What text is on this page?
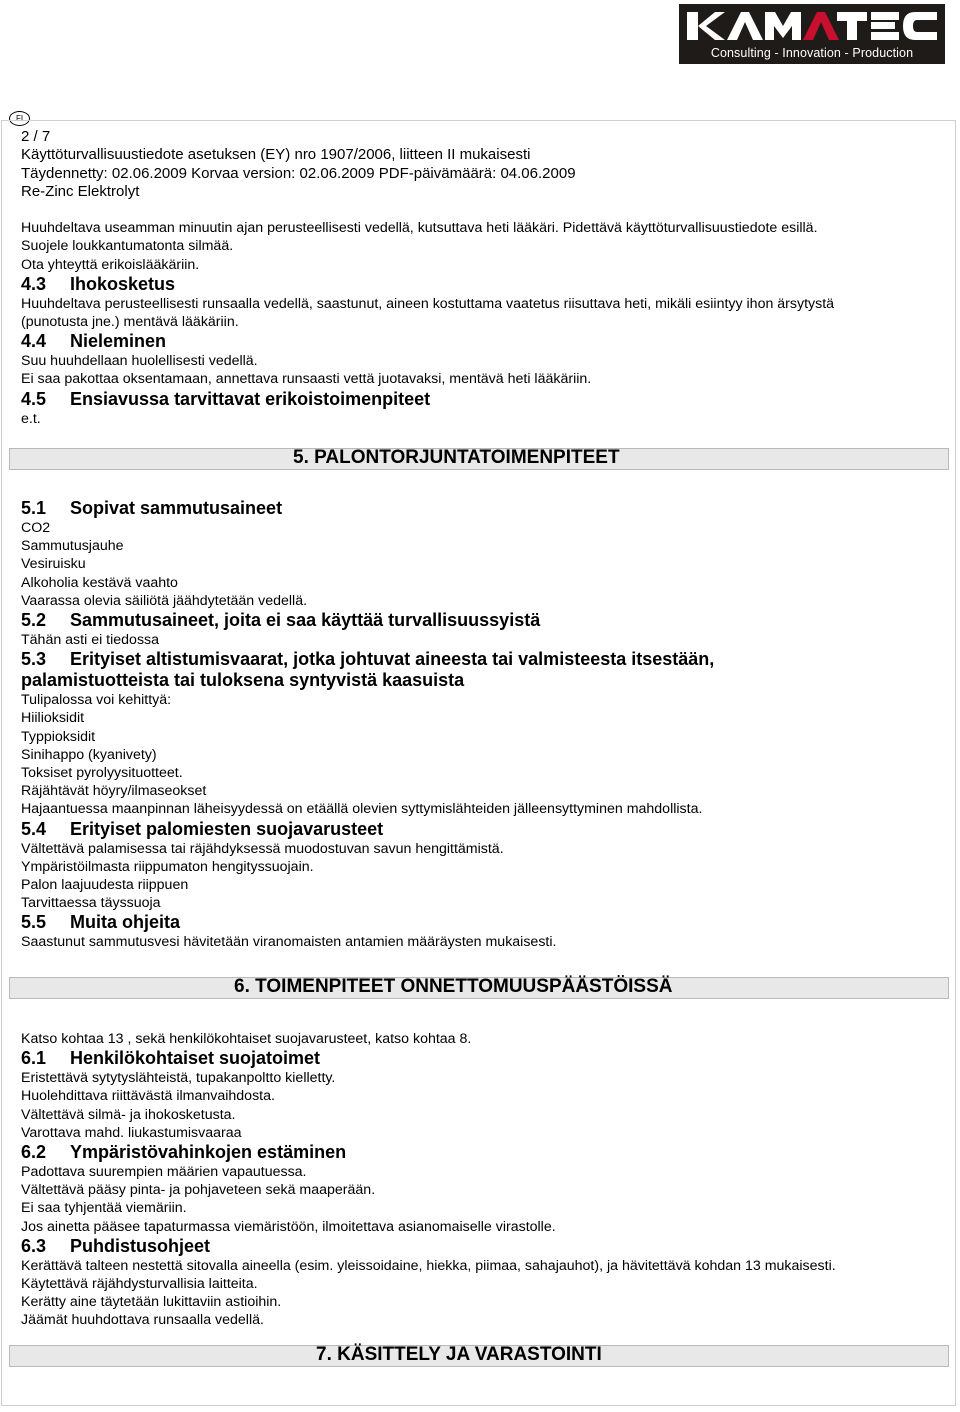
Consulting - Innovation - Production
FI

2 / 7

Käyttöturvallisuustiedote asetuksen (EY) nro 1907/2006, liitteen II mukaisesti

Täydennetty: 02.06.2009 Korvaa version: 02.06.2009 PDF-päivämäärä: 04.06.2009

Re-Zinc Elektrolyt

Huuhdeltava useamman minuutin ajan perusteellisesti vedellä, kutsuttava heti lääkäri. Pidettävä käyttöturvallisuustiedote esillä.

Suojele loukkantumatonta silmää.

Ota yhteyttä erikoislääkäriin.

4.3 Ihokosketus

Huuhdeltava perusteellisesti runsaalla vedellä, saastunut, aineen kostuttama vaatetus riisuttava heti, mikäli esiintyy ihon ärsytystä

(punotusta jne.) mentävä lääkäriin.

4.4 Nieleminen

Suu huuhdellaan huolellisesti vedellä.

Ei saa pakottaa oksentamaan, annettava runsaasti vettä juotavaksi, mentävä heti lääkäriin.

4.5 Ensiavussa tarvittavat erikoistoimenpiteet

e.t.

5. PALONTORJUNTATOIMENPITEET
5.1 Sopivat sammutusaineet

CO2

Sammutusjauhe

Vesiruisku

Alkoholia kestävä vaahto

Vaarassa olevia säiliötä jäähdytetään vedellä.

5.2 Sammutusaineet, joita ei saa käyttää turvallisuussyistä

Tähän asti ei tiedossa

5.3 Erityiset altistumisvaarat, jotka johtuvat aineesta tai valmisteesta itsestään,
palamistuotteista tai tuloksena syntyvistä kaasuista

Tulipalossa voi kehittyä:

Hiilioksidit

Typpioksidit

Sinihappo (kyanivety)

Toksiset pyrolyysituotteet.

Räjähtävät höyry/ilmaseokset

Hajaantuessa maanpinnan läheisyydessä on etäällä olevien syttymislähteiden jälleensyttyminen mahdollista.

5.4 Erityiset palomiesten suojavarusteet

Vältettävä palamisessa tai räjähdyksessä muodostuvan savun hengittämistä.

Ympäristöilmasta riippumaton hengityssuojain.

Palon laajuudesta riippuen

Tarvittaessa täyssuoja

5.5 Muita ohjeita

Saastunut sammutusvesi hävitetään viranomaisten antamien määräysten mukaisesti.

6. TOIMENPITEET ONNETTOMUUSPÄÄSTÖISSÄ

Katso kohtaa 13 , sekä henkilökohtaiset suojavarusteet, katso kohtaa 8.

6.1 Henkilökohtaiset suojatoimet

Eristettävä sytytyslähteistä, tupakanpoltto kielletty.

Huolehdittava riittävästä ilmanvaihdosta.

Vältettävä silmä- ja ihokosketusta.

Varottava mahd. liukastumisvaaraa

6.2 Ympäristövahinkojen estäminen

Padottava suurempien määrien vapautuessa.

Vältettävä pääsy pinta- ja pohjaveteen sekä maaperään.

Ei saa tyhjentää viemäriin.

Jos ainetta pääsee tapaturmassa viemäristöön, ilmoitettava asianomaiselle virastolle.

6.3 Puhdistusohjeet

Kerättävä talteen nestettä sitovalla aineella (esim. yleissoidaine, hiekka, piimaa, sahajauhot), ja hävitettävä kohdan 13 mukaisesti.

Käytettävä räjähdysturvallisia laitteita.

Kerätty aine täytetään lukittaviin astioihin.

Jäämät huuhdottava runsaalla vedellä.

7. KÄSITTELY JA VARASTOINTI
